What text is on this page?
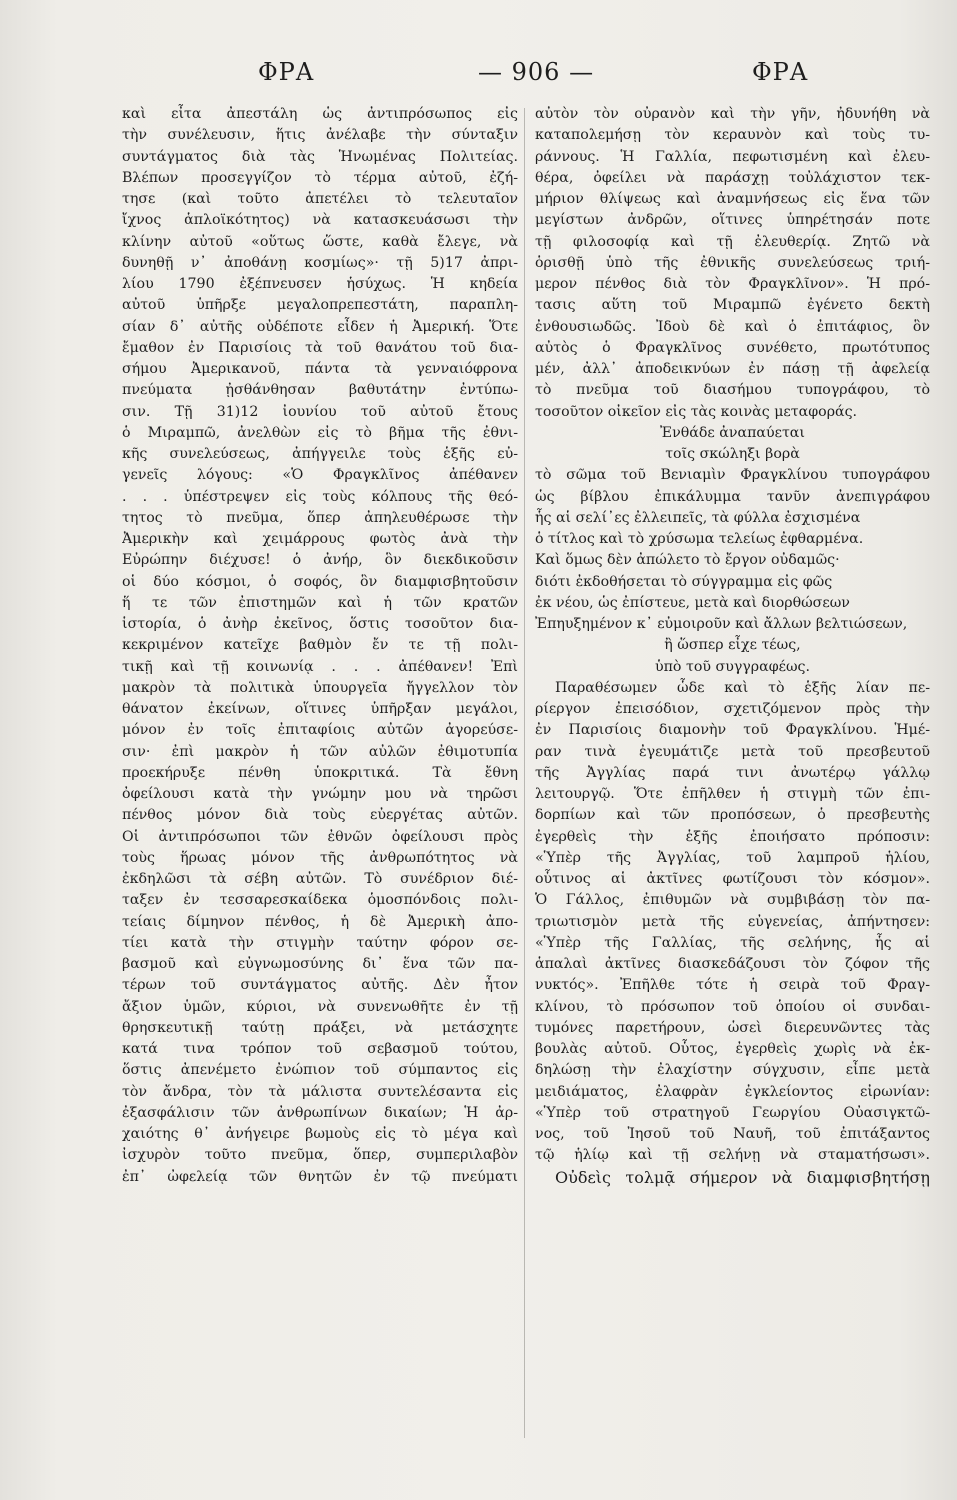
ΦΡΑ	— 906 —	ΦΡΑ
καὶ εἶτα ἀπεστάλη ὡς ἀντιπρόσωπος εἰς
τὴν συνέλευσιν, ἥτις ἀνέλαβε τὴν σύνταξιν
συντάγματος διὰ τὰς Ἡνωμένας Πολιτείας.
Βλέπων προσεγγίζον τὸ τέρμα αὐτοῦ, ἐζή-
τησε (καὶ τοῦτο ἀπετέλει τὸ τελευταῖον
ἴχνος ἁπλοϊκότητος) νὰ κατασκευάσωσι τὴν
κλίνην αὐτοῦ «οὕτως ὥστε, καθὰ ἔλεγε, νὰ
δυνηθῇ ν᾽ ἀποθάνῃ κοσμίως»· τῇ 5)17 ἀπρι-
λίου 1790 ἐξέπνευσεν ἡσύχως. Ἡ κηδεία
αὐτοῦ ὑπῆρξε μεγαλοπρεπεστάτη, παραπλη-
σίαν δ᾽ αὐτῆς οὐδέποτε εἶδεν ἡ Ἀμερική. Ὅτε
ἔμαθον ἐν Παρισίοις τὰ τοῦ θανάτου τοῦ δια-
σήμου Ἀμερικανοῦ, πάντα τὰ γενναιόφρονα
πνεύματα ᾐσθάνθησαν βαθυτάτην ἐντύπω-
σιν. Τῇ 31)12 ἰουνίου τοῦ αὐτοῦ ἔτους
ὁ Μιραμπῶ, ἀνελθὼν εἰς τὸ βῆμα τῆς ἐθνι-
κῆς συνελεύσεως, ἀπήγγειλε τοὺς ἑξῆς εὐ-
γενεῖς λόγους: «Ὁ Φραγκλῖνος ἀπέθανεν
. . . ὑπέστρεψεν εἰς τοὺς κόλπους τῆς θεό-
τητος τὸ πνεῦμα, ὅπερ ἀπηλευθέρωσε τὴν
Ἀμερικὴν καὶ χειμάρρους φωτὸς ἀνὰ τὴν
Εὐρώπην διέχυσε! ὁ ἀνήρ, ὃν διεκδικοῦσιν
οἱ δύο κόσμοι, ὁ σοφός, ὃν διαμφισβητοῦσιν
ἥ τε τῶν ἐπιστημῶν καὶ ἡ τῶν κρατῶν
ἱστορία, ὁ ἀνὴρ ἐκεῖνος, ὅστις τοσοῦτον δια-
κεκριμένον κατεῖχε βαθμὸν ἔν τε τῇ πολι-
τικῇ καὶ τῇ κοινωνίᾳ . . . ἀπέθανεν! Ἐπὶ
μακρὸν τὰ πολιτικὰ ὑπουργεῖα ἤγγελλον τὸν
θάνατον ἐκείνων, οἵτινες ὑπῆρξαν μεγάλοι,
μόνον ἐν τοῖς ἐπιταφίοις αὐτῶν ἀγορεύσε-
σιν· ἐπὶ μακρὸν ἡ τῶν αὐλῶν ἐθιμοτυπία
προεκήρυξε πένθη ὑποκριτικά. Τὰ ἔθνη
ὀφείλουσι κατὰ τὴν γνώμην μου νὰ τηρῶσι
πένθος μόνον διὰ τοὺς εὐεργέτας αὐτῶν.
Οἱ ἀντιπρόσωποι τῶν ἐθνῶν ὀφείλουσι πρὸς
τοὺς ἥρωας μόνον τῆς ἀνθρωπότητος νὰ
ἐκδηλῶσι τὰ σέβη αὐτῶν. Τὸ συνέδριον διέ-
ταξεν ἐν τεσσαρεσκαίδεκα ὁμοσπόνδοις πολι-
τείαις δίμηνον πένθος, ἡ δὲ Ἀμερικὴ ἀπο-
τίει κατὰ τὴν στιγμὴν ταύτην φόρον σε-
βασμοῦ καὶ εὐγνωμοσύνης δι᾽ ἕνα τῶν πα-
τέρων τοῦ συντάγματος αὐτῆς. Δὲν ἦτον
ἄξιον ὑμῶν, κύριοι, νὰ συνενωθῆτε ἐν τῇ
θρησκευτικῇ ταύτῃ πράξει, νὰ μετάσχητε
κατά τινα τρόπον τοῦ σεβασμοῦ τούτου,
ὅστις ἀπενέμετο ἐνώπιον τοῦ σύμπαντος εἰς
τὸν ἄνδρα, τὸν τὰ μάλιστα συντελέσαντα εἰς
ἐξασφάλισιν τῶν ἀνθρωπίνων δικαίων; Ἡ ἀρ-
χαιότης θ᾽ ἀνήγειρε βωμοὺς εἰς τὸ μέγα καὶ
ἰσχυρὸν τοῦτο πνεῦμα, ὅπερ, συμπεριλαβὸν
ἐπ᾽ ὠφελείᾳ τῶν θνητῶν ἐν τῷ πνεύματι
αὐτὸν τὸν οὐρανὸν καὶ τὴν γῆν, ἠδυνήθη νὰ
καταπολεμήσῃ τὸν κεραυνὸν καὶ τοὺς τυ-
ράννους. Ἡ Γαλλία, πεφωτισμένη καὶ ἐλευ-
θέρα, ὀφείλει νὰ παράσχῃ τοὐλάχιστον τεκ-
μήριον θλίψεως καὶ ἀναμνήσεως εἰς ἕνα τῶν
μεγίστων ἀνδρῶν, οἵτινες ὑπηρέτησάν ποτε
τῇ φιλοσοφίᾳ καὶ τῇ ἐλευθερίᾳ. Ζητῶ νὰ
ὁρισθῇ ὑπὸ τῆς ἐθνικῆς συνελεύσεως τριή-
μερον πένθος διὰ τὸν Φραγκλῖνον». Ἡ πρό-
τασις αὕτη τοῦ Μιραμπῶ ἐγένετο δεκτὴ
ἐνθουσιωδῶς. Ἰδοὺ δὲ καὶ ὁ ἐπιτάφιος, ὃν
αὐτὸς ὁ Φραγκλῖνος συνέθετο, πρωτότυπος
μέν, ἀλλ᾽ ἀποδεικνύων ἐν πάσῃ τῇ ἀφελείᾳ
τὸ πνεῦμα τοῦ διασήμου τυπογράφου, τὸ
τοσοῦτον οἰκεῖον εἰς τὰς κοινὰς μεταφοράς.
Ἐνθάδε ἀναπαύεται
τοῖς σκώληξι βορὰ
τὸ σῶμα τοῦ Βενιαμὶν Φραγκλίνου τυπογράφου
ὡς βίβλου ἐπικάλυμμα τανῦν ἀνεπιγράφου
ἧς αἱ σελί᾽ες ἐλλειπεῖς, τὰ φύλλα ἐσχισμένα
ὁ τίτλος καὶ τὸ χρύσωμα τελείως ἐφθαρμένα.
Καὶ ὅμως δὲν ἀπώλετο τὸ ἔργον οὐδαμῶς·
διότι ἐκδοθήσεται τὸ σύγγραμμα εἰς φῶς
ἐκ νέου, ὡς ἐπίστευε, μετὰ καὶ διορθώσεων
Ἐπηυξημένον κ᾽ εὐμοιροῦν καὶ ἄλλων βελτιώσεων,
ἢ ὥσπερ εἶχε τέως,
ὑπὸ τοῦ συγγραφέως.
Παραθέσωμεν ὧδε καὶ τὸ ἑξῆς λίαν πε-
ρίεργον ἐπεισόδιον, σχετιζόμενον πρὸς τὴν
ἐν Παρισίοις διαμονὴν τοῦ Φραγκλίνου. Ἡμέ-
ραν τινὰ ἐγευμάτιζε μετὰ τοῦ πρεσβευτοῦ
τῆς Ἀγγλίας παρά τινι ἀνωτέρῳ γάλλῳ
λειτουργῷ. Ὅτε ἐπῆλθεν ἡ στιγμὴ τῶν ἐπι-
δορπίων καὶ τῶν προπόσεων, ὁ πρεσβευτὴς
ἐγερθεὶς τὴν ἑξῆς ἐποιήσατο πρόποσιν:
«Ὑπὲρ τῆς Ἀγγλίας, τοῦ λαμπροῦ ἡλίου,
οὗτινος αἱ ἀκτῖνες φωτίζουσι τὸν κόσμον».
Ὁ Γάλλος, ἐπιθυμῶν νὰ συμβιβάσῃ τὸν πα-
τριωτισμὸν μετὰ τῆς εὐγενείας, ἀπήντησεν:
«Ὑπὲρ τῆς Γαλλίας, τῆς σελήνης, ἧς αἱ
ἁπαλαὶ ἀκτῖνες διασκεδάζουσι τὸν ζόφον τῆς
νυκτός». Ἐπῆλθε τότε ἡ σειρὰ τοῦ Φραγ-
κλίνου, τὸ πρόσωπον τοῦ ὁποίου οἱ συνδαι-
τυμόνες παρετήρουν, ὡσεὶ διερευνῶντες τὰς
βουλὰς αὐτοῦ. Οὗτος, ἐγερθεὶς χωρὶς νὰ ἐκ-
δηλώσῃ τὴν ἐλαχίστην σύγχυσιν, εἶπε μετὰ
μειδιάματος, ἐλαφρὰν ἐγκλείοντος εἰρωνίαν:
«Ὑπὲρ τοῦ στρατηγοῦ Γεωργίου Οὐασιγκτῶ-
νος, τοῦ Ἰησοῦ τοῦ Ναυῆ, τοῦ ἐπιτάξαντος
τῷ ἡλίῳ καὶ τῇ σελήνῃ νὰ σταματήσωσι».
Οὐδεὶς τολμᾷ σήμερον νὰ διαμφισβητήσῃ
